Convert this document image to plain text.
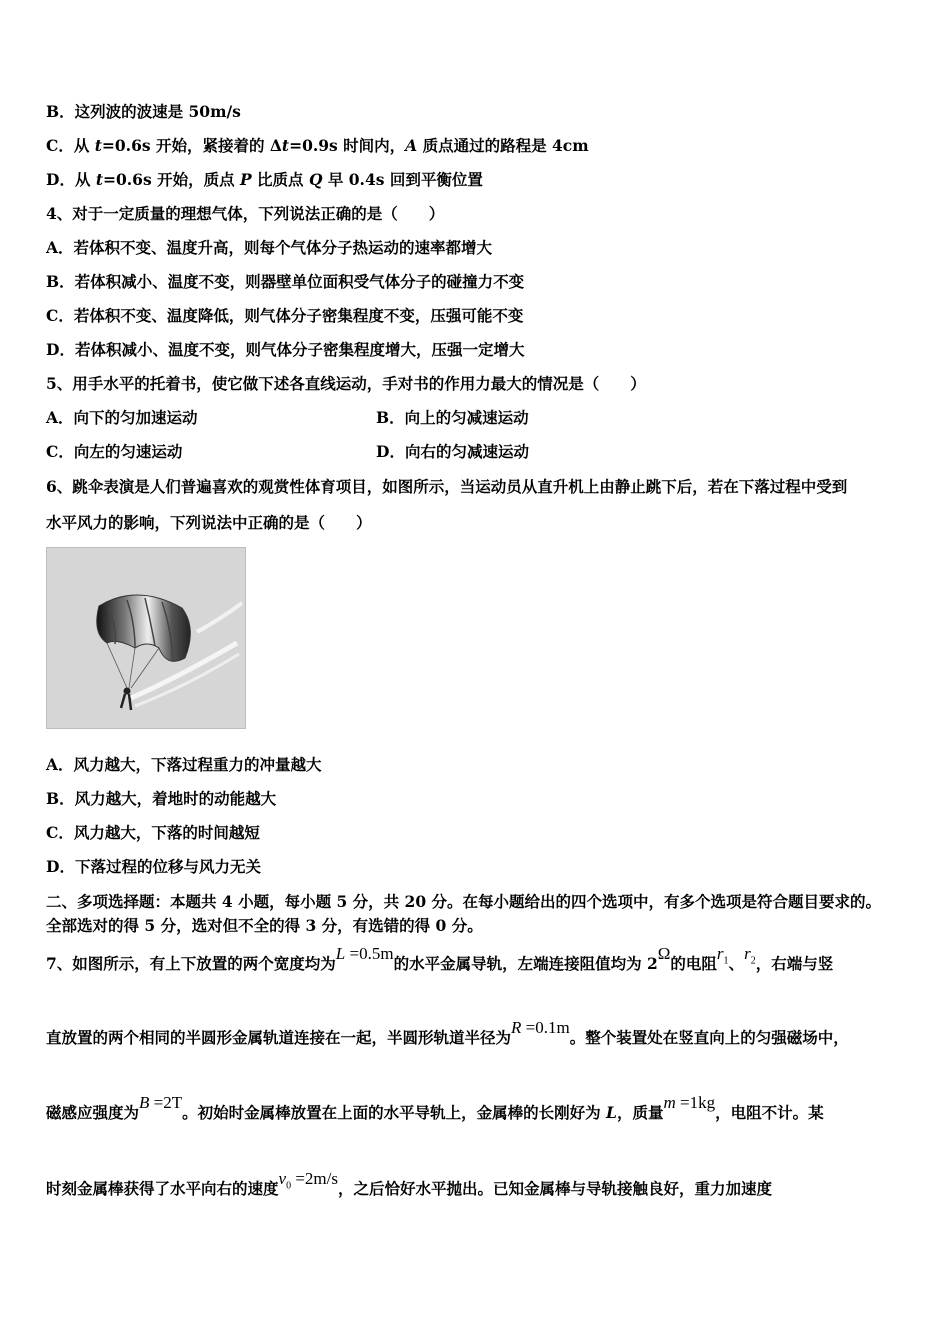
B．这列波的波速是 50m/s
C．从 t=0.6s 开始，紧接着的 Δt=0.9s 时间内，A 质点通过的路程是 4cm
D．从 t=0.6s 开始，质点 P 比质点 Q 早 0.4s 回到平衡位置
4、对于一定质量的理想气体，下列说法正确的是（　　）
A．若体积不变、温度升高，则每个气体分子热运动的速率都增大
B．若体积减小、温度不变，则器壁单位面积受气体分子的碰撞力不变
C．若体积不变、温度降低，则气体分子密集程度不变，压强可能不变
D．若体积减小、温度不变，则气体分子密集程度增大，压强一定增大
5、用手水平的托着书，使它做下述各直线运动，手对书的作用力最大的情况是（　　）
A．向下的匀加速运动	B．向上的匀减速运动
C．向左的匀速运动	D．向右的匀减速运动
6、跳伞表演是人们普遍喜欢的观赏性体育项目，如图所示，当运动员从直升机上由静止跳下后，若在下落过程中受到
水平风力的影响，下列说法中正确的是（　　）
A．风力越大，下落过程重力的冲量越大
B．风力越大，着地时的动能越大
C．风力越大，下落的时间越短
D．下落过程的位移与风力无关
二、多项选择题：本题共 4 小题，每小题 5 分，共 20 分。在每小题给出的四个选项中，有多个选项是符合题目要求的。
全部选对的得 5 分，选对但不全的得 3 分，有选错的得 0 分。
7、如图所示，有上下放置的两个宽度均为L =0.5m的水平金属导轨，左端连接阻值均为 2Ω的电阻$r_1$、$r_2$，右端与竖
直放置的两个相同的半圆形金属轨道连接在一起，半圆形轨道半径为R =0.1m。整个装置处在竖直向上的匀强磁场中，
磁感应强度为B =2T。初始时金属棒放置在上面的水平导轨上，金属棒的长刚好为 L，质量m =1kg，电阻不计。某
时刻金属棒获得了水平向右的速度$v_0 =2m/s$，之后恰好水平抛出。已知金属棒与导轨接触良好，重力加速度
